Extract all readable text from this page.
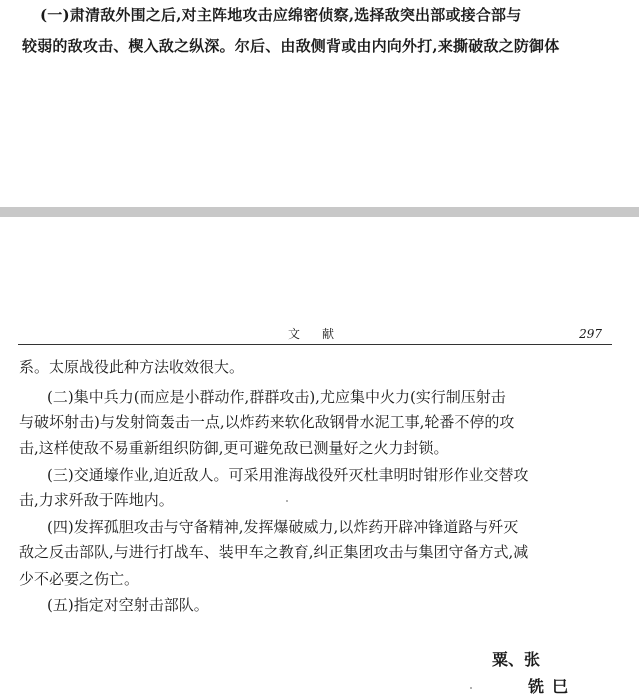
(一)肃清敌外围之后,对主阵地攻击应绵密侦察,选择敌突出部或接合部与
较弱的敌攻击、楔入敌之纵深。尔后、由敌侧背或由内向外打,来撕破敌之防御体
文献	297
系。太原战役此种方法收效很大。
(二)集中兵力(而应是小群动作,群群攻击),尤应集中火力(实行制压射击
与破坏射击)与发射筒轰击一点,以炸药来软化敌钢骨水泥工事,轮番不停的攻
击,这样使敌不易重新组织防御,更可避免敌已测量好之火力封锁。
(三)交通壕作业,迫近敌人。可采用淮海战役歼灭杜聿明时钳形作业交替攻
击,力求歼敌于阵地内。
(四)发挥孤胆攻击与守备精神,发挥爆破威力,以炸药开辟冲锋道路与歼灭
敌之反击部队,与进行打战车、装甲车之教育,纠正集团攻击与集团守备方式,减
少不必要之伤亡。
(五)指定对空射击部队。
粟、张
铣巳
